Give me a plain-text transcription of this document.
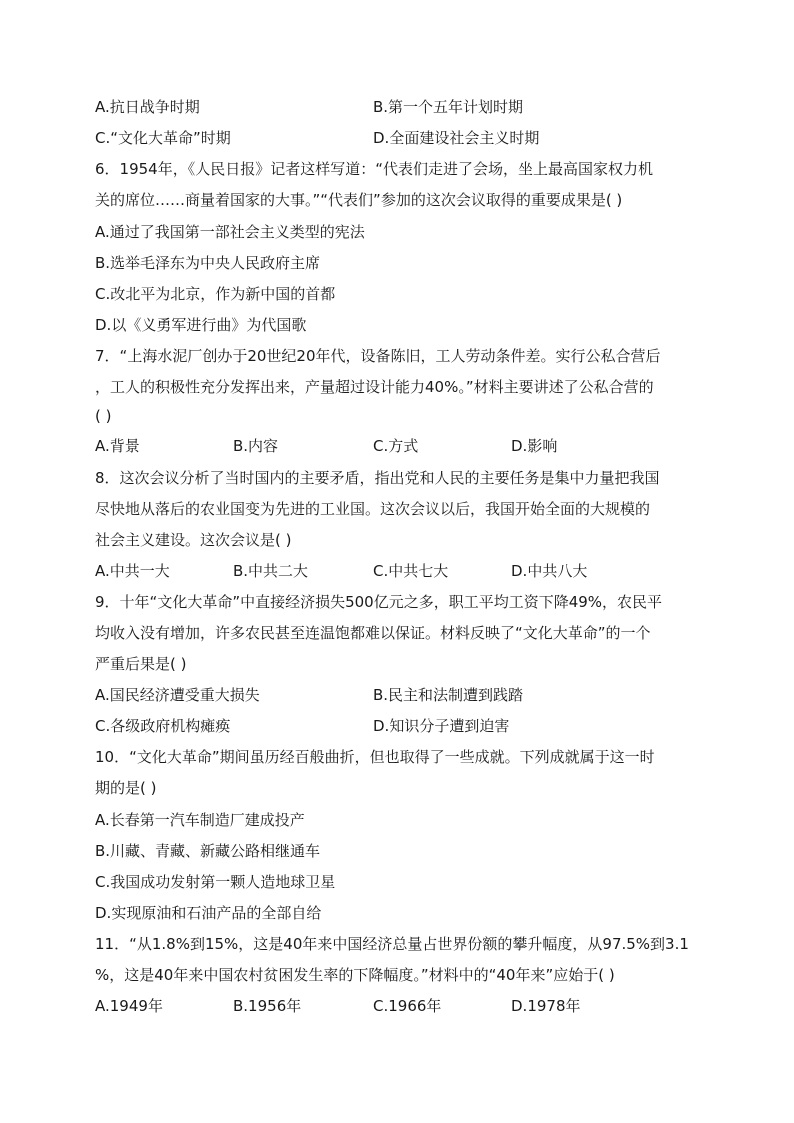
A.抗日战争时期	B.第一个五年计划时期
C.“文化大革命”时期	D.全面建设社会主义时期
6．1954年，《人民日报》记者这样写道：“代表们走进了会场，坐上最高国家权力机
关的席位……商量着国家的大事。”“代表们”参加的这次会议取得的重要成果是( )
A.通过了我国第一部社会主义类型的宪法
B.选举毛泽东为中央人民政府主席
C.改北平为北京，作为新中国的首都
D.以《义勇军进行曲》为代国歌
7．“上海水泥厂创办于20世纪20年代，设备陈旧，工人劳动条件差。实行公私合营后
，工人的积极性充分发挥出来，产量超过设计能力40%。”材料主要讲述了公私合营的
( )
A.背景	B.内容	C.方式	D.影响
8．这次会议分析了当时国内的主要矛盾，指出党和人民的主要任务是集中力量把我国
尽快地从落后的农业国变为先进的工业国。这次会议以后，我国开始全面的大规模的
社会主义建设。这次会议是( )
A.中共一大	B.中共二大	C.中共七大	D.中共八大
9．十年“文化大革命”中直接经济损失500亿元之多，职工平均工资下降49%，农民平
均收入没有增加，许多农民甚至连温饱都难以保证。材料反映了“文化大革命”的一个
严重后果是( )
A.国民经济遭受重大损失	B.民主和法制遭到践踏
C.各级政府机构瘫痪	D.知识分子遭到迫害
10．“文化大革命”期间虽历经百般曲折，但也取得了一些成就。下列成就属于这一时
期的是( )
A.长春第一汽车制造厂建成投产
B.川藏、青藏、新藏公路相继通车
C.我国成功发射第一颗人造地球卫星
D.实现原油和石油产品的全部自给
11．“从1.8%到15%，这是40年来中国经济总量占世界份额的攀升幅度，从97.5%到3.1
%，这是40年来中国农村贫困发生率的下降幅度。”材料中的“40年来”应始于( )
A.1949年	B.1956年	C.1966年	D.1978年
